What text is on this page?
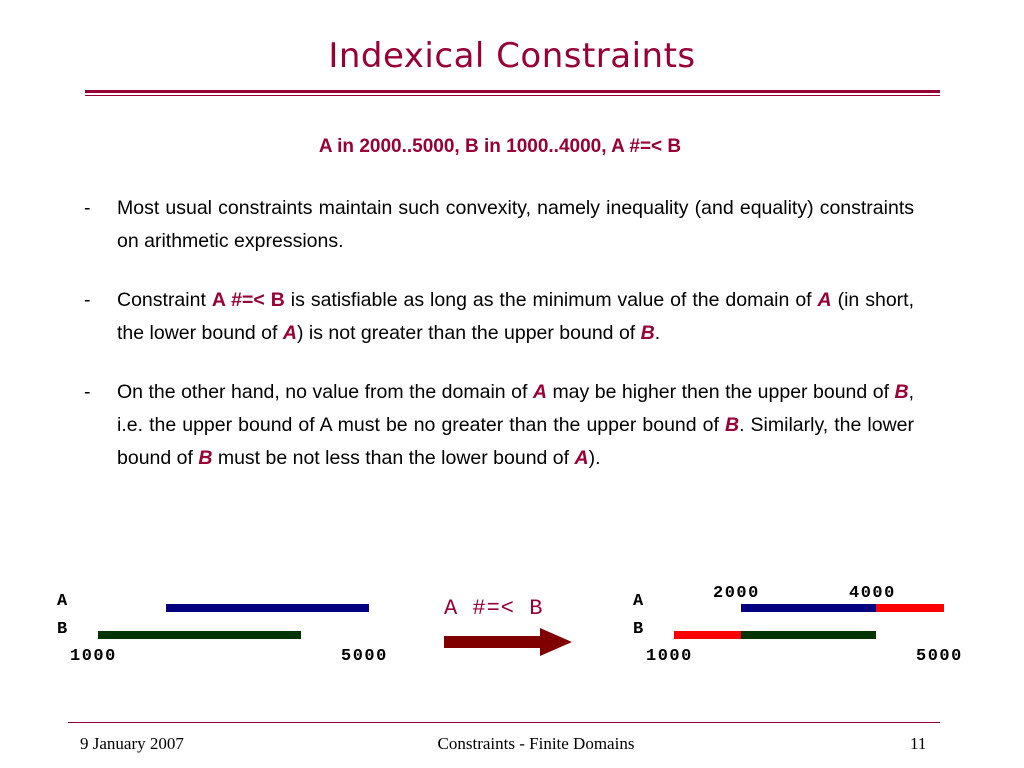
Indexical Constraints
A in 2000..5000, B in 1000..4000, A #=< B
- Most usual constraints maintain such convexity, namely inequality (and equality) constraints on arithmetic expressions.
- Constraint A #=< B is satisfiable as long as the minimum value of the domain of A (in short, the lower bound of A) is not greater than the upper bound of B.
- On the other hand, no value from the domain of A may be higher then the upper bound of B, i.e. the upper bound of A must be no greater than the upper bound of B. Similarly, the lower bound of B must be not less than the lower bound of A).
A
B
1000	5000
A #=< B
2000	4000
A
B
1000	5000
9 January 2007	Constraints - Finite Domains	11
